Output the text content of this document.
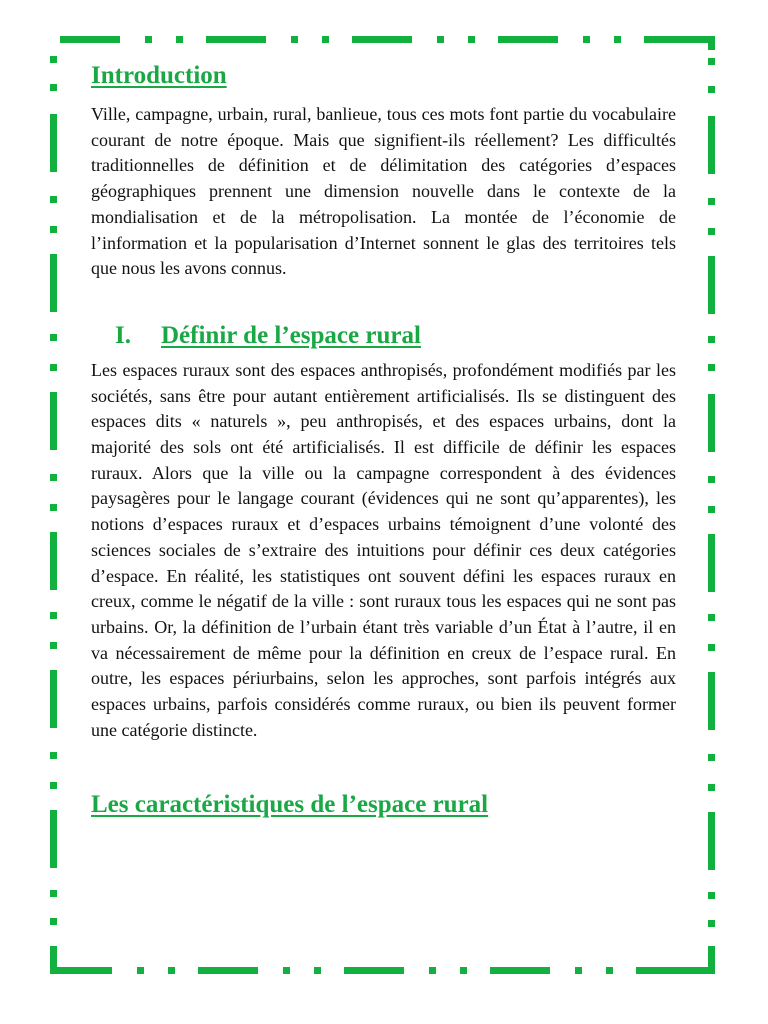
Introduction

Ville, campagne, urbain, rural, banlieue, tous ces mots font partie du vocabulaire courant de notre époque. Mais que signifient-ils réellement? Les difficultés traditionnelles de définition et de délimitation des catégories d’espaces géographiques prennent une dimension nouvelle dans le contexte de la mondialisation et de la métropolisation. La montée de l’économie de l’information et la popularisation d’Internet sonnent le glas des territoires tels que nous les avons connus.

I.	Définir de l’espace rural

Les espaces ruraux sont des espaces anthropisés, profondément modifiés par les sociétés, sans être pour autant entièrement artificialisés. Ils se distinguent des espaces dits « naturels », peu anthropisés, et des espaces urbains, dont la majorité des sols ont été artificialisés. Il est difficile de définir les espaces ruraux. Alors que la ville ou la campagne correspondent à des évidences paysagères pour le langage courant (évidences qui ne sont qu’apparentes), les notions d’espaces ruraux et d’espaces urbains témoignent d’une volonté des sciences sociales de s’extraire des intuitions pour définir ces deux catégories d’espace. En réalité, les statistiques ont souvent défini les espaces ruraux en creux, comme le négatif de la ville : sont ruraux tous les espaces qui ne sont pas urbains. Or, la définition de l’urbain étant très variable d’un État à l’autre, il en va nécessairement de même pour la définition en creux de l’espace rural. En outre, les espaces périurbains, selon les approches, sont parfois intégrés aux espaces urbains, parfois considérés comme ruraux, ou bien ils peuvent former une catégorie distincte.

Les caractéristiques de l’espace rural
